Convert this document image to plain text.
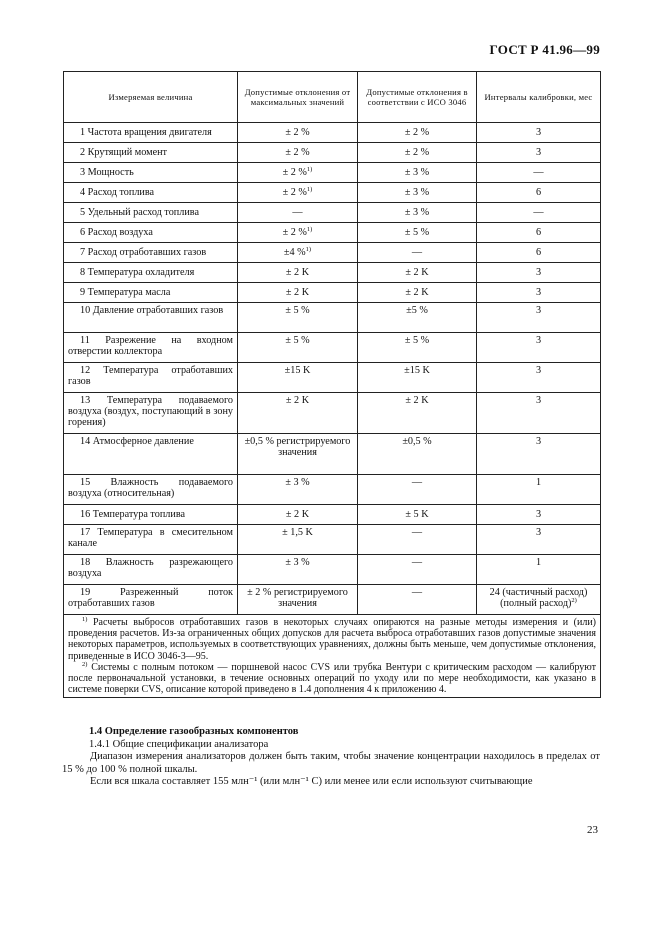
ГОСТ Р 41.96—99
Измеряемая величина	Допустимые отклонения от максимальных значений	Допустимые отклонения в соответствии с ИСО 3046	Интервалы калибровки, мес
1 Частота вращения двигателя	± 2 %	± 2 %	3
2 Крутящий момент	± 2 %	± 2 %	3
3 Мощность	± 2 %$^{1)}$	± 3 %	—
4 Расход топлива	± 2 %$^{1)}$	± 3 %	6
5 Удельный расход топлива	—	± 3 %	—
6 Расход воздуха	± 2 %$^{1)}$	± 5 %	6
7 Расход отработавших газов	±4 %$^{1)}$	—	6
8 Температура охладителя	± 2 K	± 2 K	3
9 Температура масла	± 2 K	± 2 K	3
10 Давление отработавших газов	± 5 %	±5 %	3
11 Разрежение на входном отверстии коллектора	± 5 %	± 5 %	3
12 Температура отработавших газов	±15 K	±15 K	3
13 Температура подаваемого воздуха (воздух, поступающий в зону горения)	± 2 K	± 2 K	3
14 Атмосферное давление	±0,5 % регистрируемого значения	±0,5 %	3
15 Влажность подаваемого воздуха (относительная)	± 3 %	—	1
16 Температура топлива	± 2 K	± 5 K	3
17 Температура в смесительном канале	± 1,5 K	—	3
18 Влажность разрежающего воздуха	± 3 %	—	1
19 Разреженный поток отработавших газов	± 2 % регистрируемого значения	—	24 (частичный расход) (полный расход)$^{2)}$

$^{1)}$ Расчеты выбросов отработавших газов в некоторых случаях опираются на разные методы измерения и (или) проведения расчетов. Из-за ограниченных общих допусков для расчета выброса отработавших газов допустимые значения некоторых параметров, используемых в соответствующих уравнениях, должны быть меньше, чем допустимые отклонения, приведенные в ИСО 3046-3—95.

$^{2)}$ Системы с полным потоком — поршневой насос CVS или трубка Вентури с критическим расходом — калибруют после первоначальной установки, в течение основных операций по уходу или по мере необходимости, как указано в системе поверки CVS, описание которой приведено в 1.4 дополнения 4 к приложению 4.			

1.4 Определение газообразных компонентов

1.4.1 Общие спецификации анализатора

Диапазон измерения анализаторов должен быть таким, чтобы значение концентрации находилось в пределах от 15 % до 100 % полной шкалы.

Если вся шкала составляет 155 млн⁻¹ (или млн⁻¹ C) или менее или если используют считывающие

23
